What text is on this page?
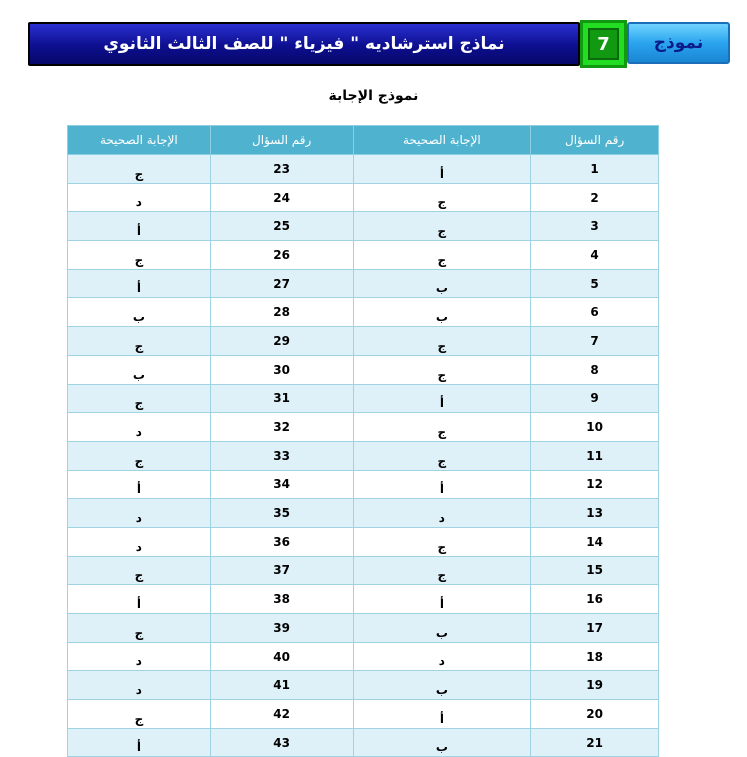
نماذج استرشاديه " فيزياء " للصف الثالث الثانوي	7	نموذج
نموذج الإجابة
رقم السؤال	الإجابة الصحيحة	رقم السؤال	الإجابة الصحيحة
1	أ	23	ج
2	ج	24	د
3	ج	25	أ
4	ج	26	ج
5	ب	27	أ
6	ب	28	ب
7	ج	29	ج
8	ج	30	ب
9	أ	31	ج
10	ج	32	د
11	ج	33	ج
12	أ	34	أ
13	د	35	د
14	ج	36	د
15	ج	37	ج
16	أ	38	أ
17	ب	39	ج
18	د	40	د
19	ب	41	د
20	أ	42	ج
21	ب	43	أ
